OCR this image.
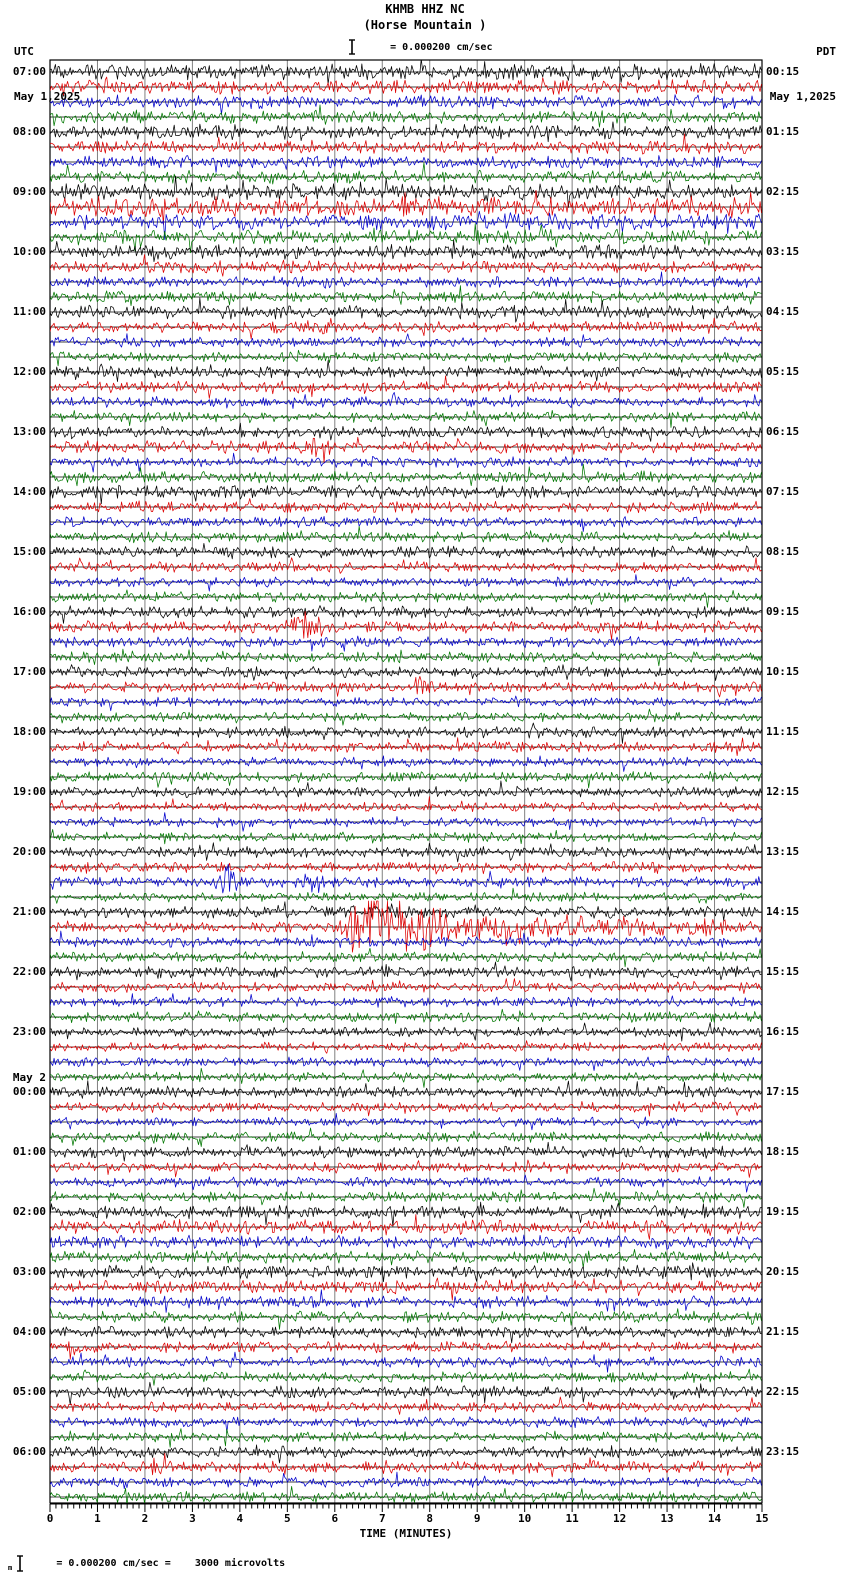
KHMB HHZ NC
(Horse Mountain )

= 0.000200 cm/sec

UTC

May 1,2025

PDT

May 1,2025

07:00
08:00
09:00
10:00
11:00
12:00
13:00
14:00
15:00
16:00
17:00
18:00
19:00
20:00
21:00
22:00
23:00
00:00
May 2
01:00
02:00
03:00
04:00
05:00
06:00
00:15
01:15
02:15
03:15
04:15
05:15
06:15
07:15
08:15
09:15
10:15
11:15
12:15
13:15
14:15
15:15
16:15
17:15
18:15
19:15
20:15
21:15
22:15
23:15
0	1	2	3	4	5	6	7	8	9	10	11	12	13	14	15
TIME (MINUTES)
m

	= 0.000200 cm/sec =    3000 microvolts
